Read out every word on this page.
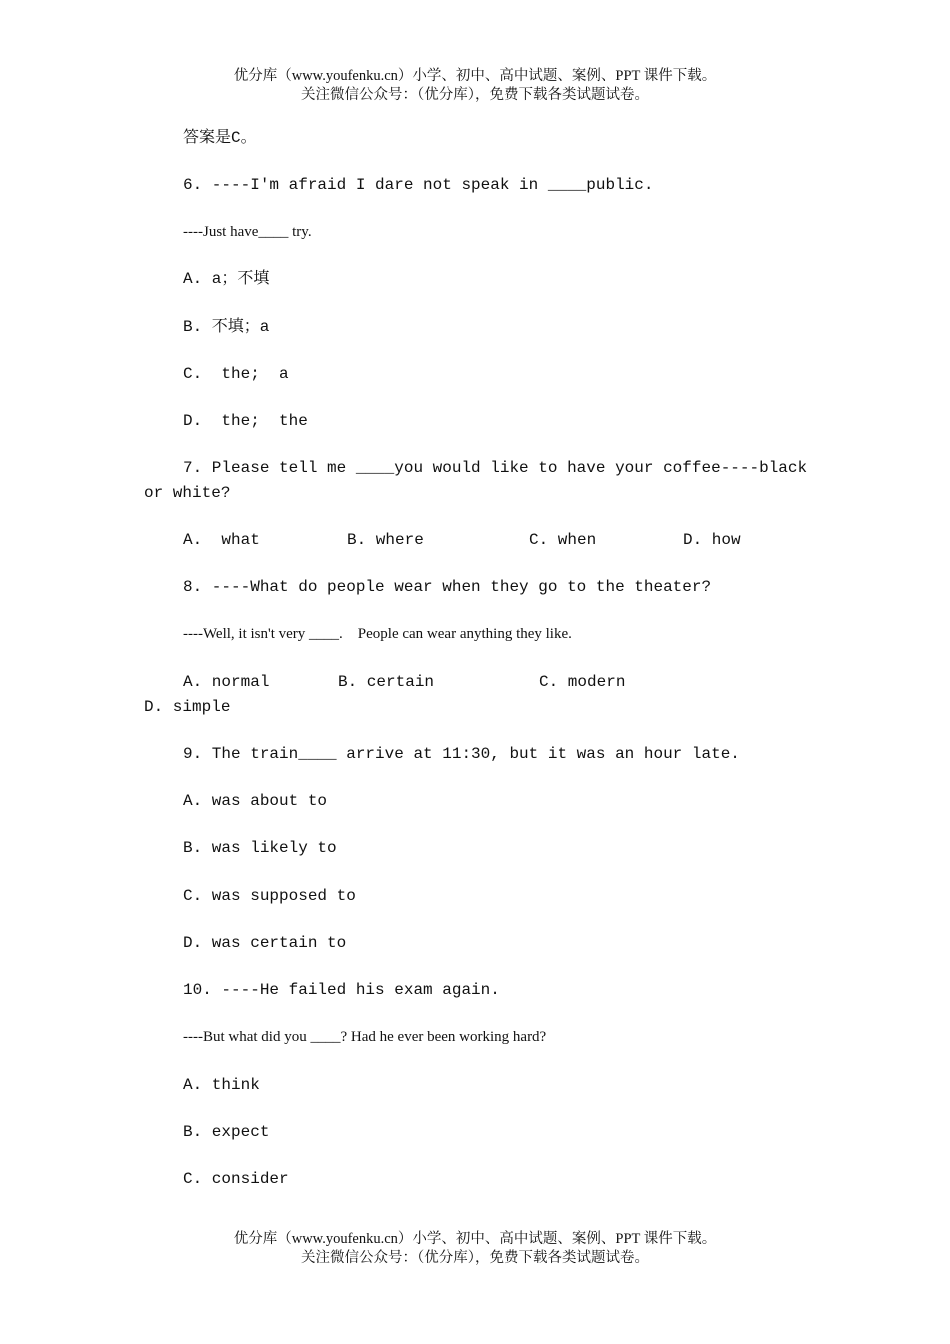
优分库（www.youfenku.cn）小学、初中、高中试题、案例、PPT 课件下载。
关注微信公众号：（优分库），免费下载各类试题试卷。
答案是C。
6. ----I'm afraid I dare not speak in ____public.
----Just have____ try.
A. a；不填
B. 不填；a
C.  the;  a
D.  the;  the
7. Please tell me ____you would like to have your coffee----black
or white?
A.  what	B. where	C. when	D. how
8. ----What do people wear when they go to the theater?
----Well, it isn't very ____.    People can wear anything they like.
A. normal	B. certain	C. modern
D. simple
9. The train____ arrive at 11:30, but it was an hour late.
A. was about to
B. was likely to
C. was supposed to
D. was certain to
10. ----He failed his exam again.
----But what did you ____? Had he ever been working hard?
A. think
B. expect
C. consider
优分库（www.youfenku.cn）小学、初中、高中试题、案例、PPT 课件下载。
关注微信公众号：（优分库），免费下载各类试题试卷。
